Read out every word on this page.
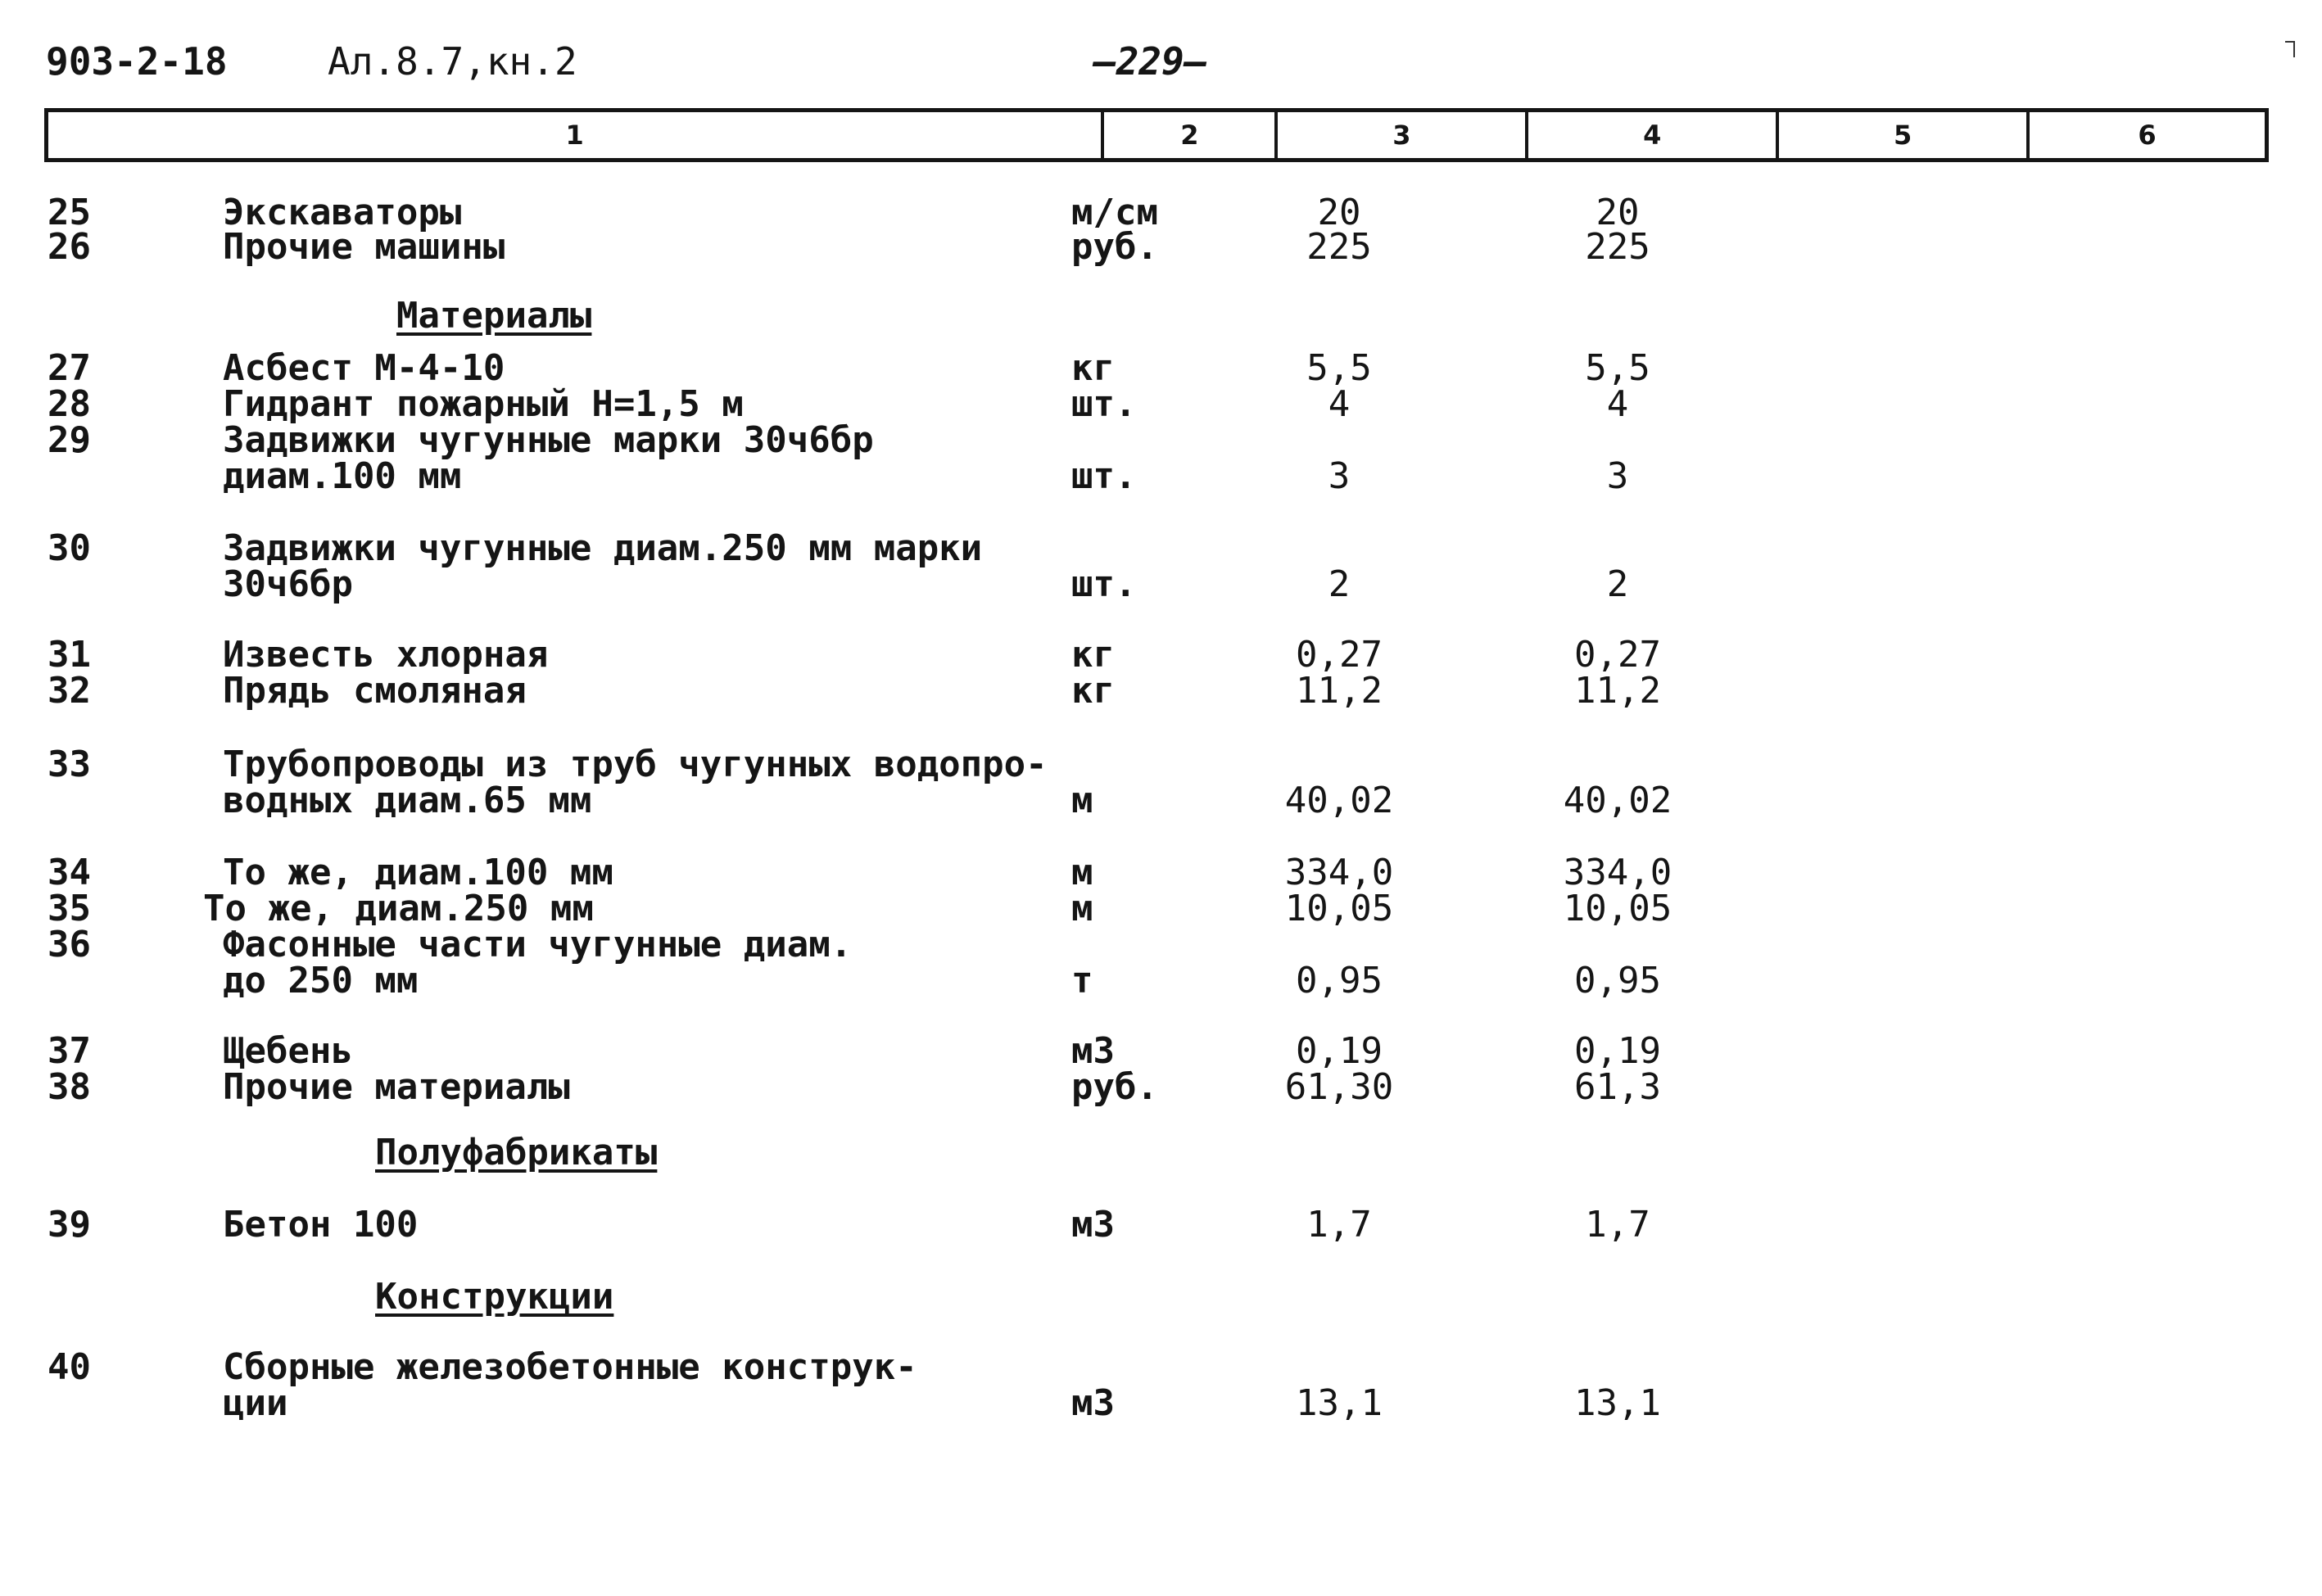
903-2-18	Ал.8.7,кн.2	—229—
1	2	3	4	5	6
25	Экскаваторы	м/см	20	20
26	Прочие машины	руб.	225	225
Материалы
27	Асбест М-4-10	кг	5,5	5,5
28	Гидрант пожарный Н=1,5 м	шт.	4	4
29	Задвижки чугунные марки 30ч6бр
диам.100 мм	шт.	3	3
30	Задвижки чугунные диам.250 мм марки
30ч6бр	шт.	2	2
31	Известь хлорная	кг	0,27	0,27
32	Прядь смоляная	кг	11,2	11,2
33	Трубопроводы из труб чугунных водопро-
водных диам.65 мм	м	40,02	40,02
34	То же, диам.100 мм	м	334,0	334,0
35	То же, диам.250 мм	м	10,05	10,05
36	Фасонные части чугунные диам.
до 250 мм	т	0,95	0,95
37	Щебень	м3	0,19	0,19
38	Прочие материалы	руб.	61,30	61,3
Полуфабрикаты
39	Бетон 100	м3	1,7	1,7
Конструкции
40	Сборные железобетонные конструк-
ции	м3	13,1	13,1
